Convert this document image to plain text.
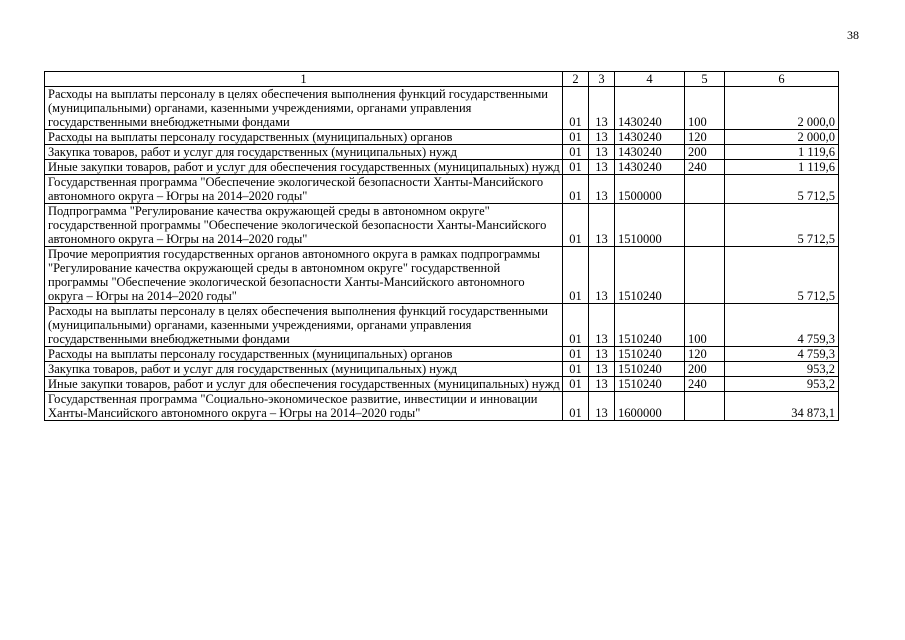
38
1	2	3	4	5	6
Расходы на выплаты персоналу в целях обеспечения выполнения функций государственными (муниципальными) органами, казенными учреждениями, органами управления государственными внебюджетными фондами	01	13	1430240	100	2 000,0
Расходы на выплаты персоналу государственных (муниципальных) органов	01	13	1430240	120	2 000,0
Закупка товаров, работ и услуг для государственных (муниципальных) нужд	01	13	1430240	200	1 119,6
Иные закупки товаров, работ и услуг для обеспечения государственных (муниципальных) нужд	01	13	1430240	240	1 119,6
Государственная программа "Обеспечение экологической безопасности Ханты-Мансийского автономного округа – Югры на 2014–2020 годы"	01	13	1500000		5 712,5
Подпрограмма "Регулирование качества окружающей среды в автономном округе" государственной программы "Обеспечение экологической безопасности Ханты-Мансийского автономного округа – Югры на 2014–2020 годы"	01	13	1510000		5 712,5
Прочие мероприятия государственных органов автономного округа в рамках подпрограммы "Регулирование качества окружающей среды в автономном округе" государственной программы "Обеспечение экологической безопасности Ханты-Мансийского автономного округа – Югры на 2014–2020 годы"	01	13	1510240		5 712,5
Расходы на выплаты персоналу в целях обеспечения выполнения функций государственными (муниципальными) органами, казенными учреждениями, органами управления государственными внебюджетными фондами	01	13	1510240	100	4 759,3
Расходы на выплаты персоналу государственных (муниципальных) органов	01	13	1510240	120	4 759,3
Закупка товаров, работ и услуг для государственных (муниципальных) нужд	01	13	1510240	200	953,2
Иные закупки товаров, работ и услуг для обеспечения государственных (муниципальных) нужд	01	13	1510240	240	953,2
Государственная программа "Социально-экономическое развитие, инвестиции и инновации Ханты-Мансийского автономного округа – Югры на 2014–2020 годы"	01	13	1600000		34 873,1
